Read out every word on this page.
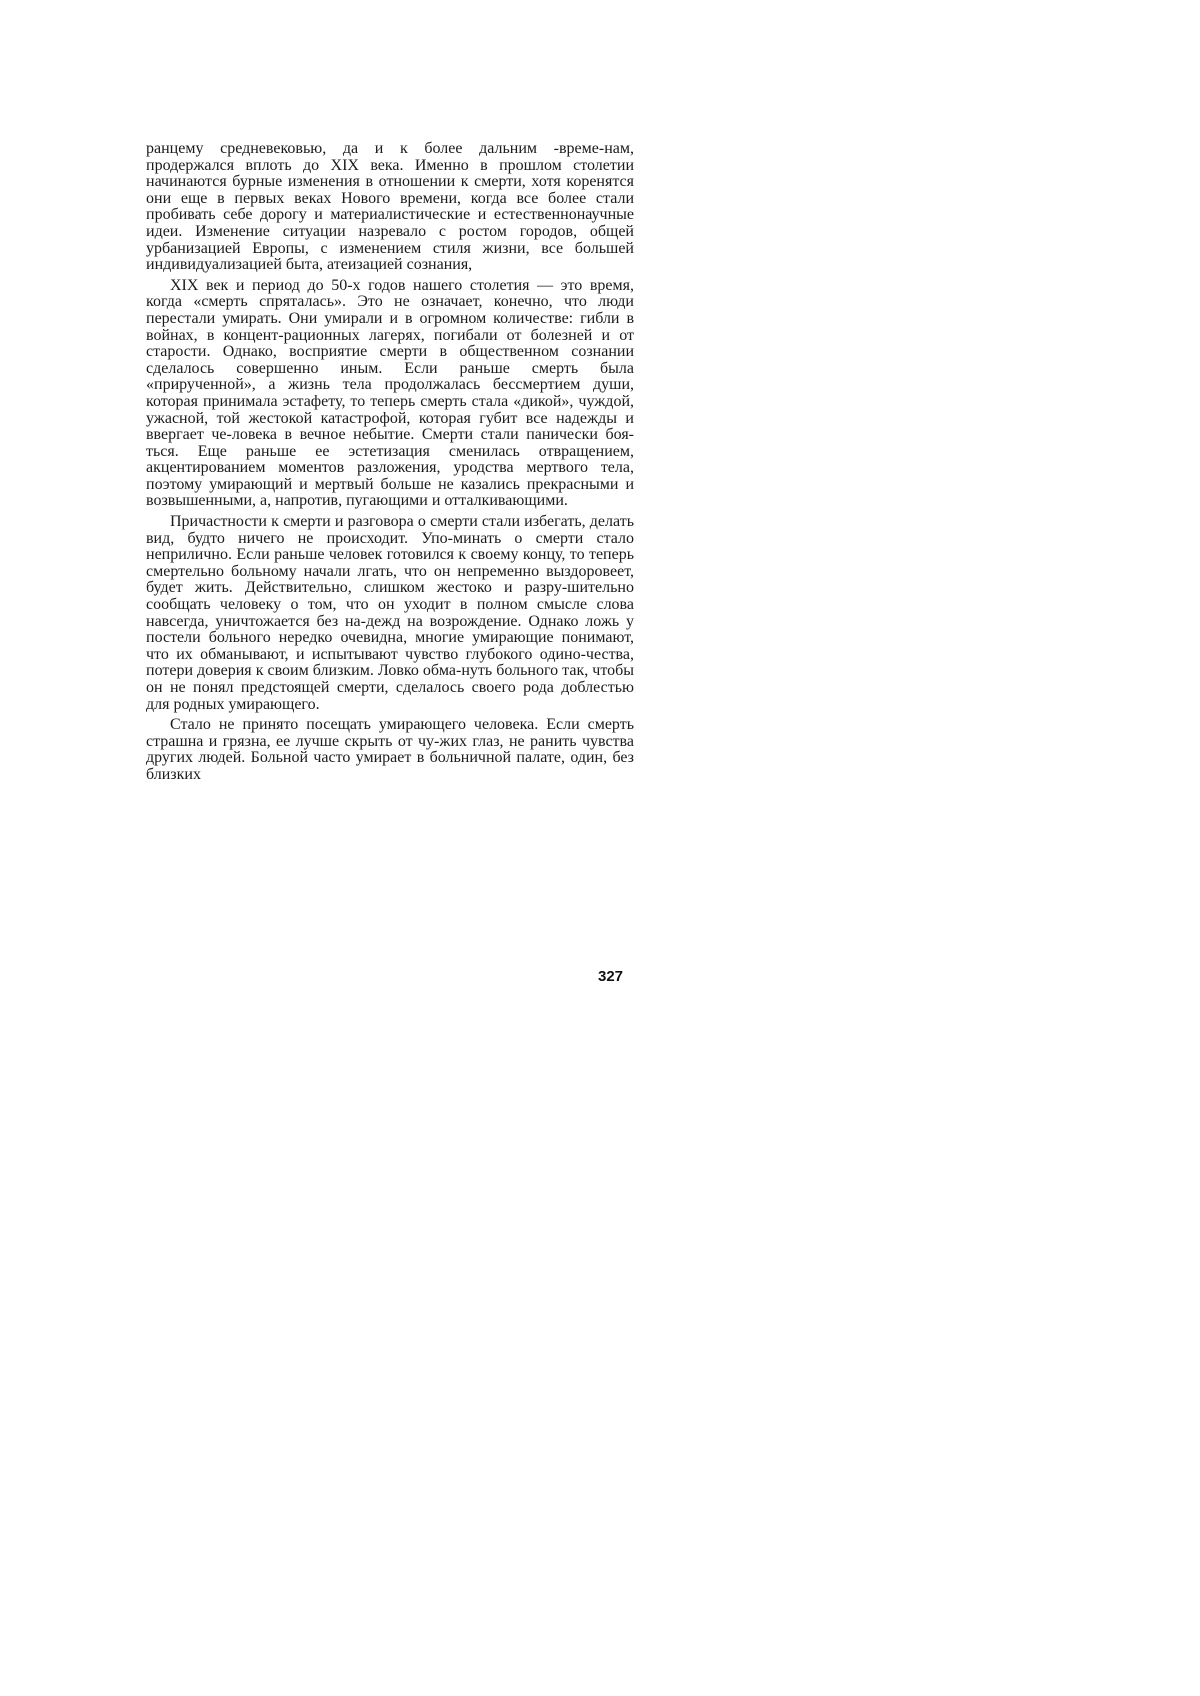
ранцему средневековью, да и к более дальним -време-нам, продержался вплоть до XIX века. Именно в прошлом столетии начинаются бурные изменения в отношении к смерти, хотя коренятся они еще в первых веках Нового времени, когда все более стали пробивать себе дорогу и материалистические и естественнонаучные идеи. Изменение ситуации назревало с ростом городов, общей урбанизацией Европы, с изменением стиля жизни, все большей индивидуализацией быта, атеизацией сознания,

XIX век и период до 50-х годов нашего столетия — это время, когда «смерть спряталась». Это не означает, конечно, что люди перестали умирать. Они умирали и в огромном количестве: гибли в войнах, в концент-рационных лагерях, погибали от болезней и от старости. Однако, восприятие смерти в общественном сознании сделалось совершенно иным. Если раньше смерть была «прирученной», а жизнь тела продолжалась бессмертием души, которая принимала эстафету, то теперь смерть стала «дикой», чуждой, ужасной, той жестокой катастрофой, которая губит все надежды и ввергает че-ловека в вечное небытие. Смерти стали панически боя-ться. Еще раньше ее эстетизация сменилась отвращением, акцентированием моментов разложения, уродства мертвого тела, поэтому умирающий и мертвый больше не казались прекрасными и возвышенными, а, напротив, пугающими и отталкивающими.

Причастности к смерти и разговора о смерти стали избегать, делать вид, будто ничего не происходит. Упо-минать о смерти стало неприлично. Если раньше человек готовился к своему концу, то теперь смертельно больному начали лгать, что он непременно выздоровеет, будет жить. Действительно, слишком жестоко и разру-шительно сообщать человеку о том, что он уходит в полном смысле слова навсегда, уничтожается без на-дежд на возрождение. Однако ложь у постели больного нередко очевидна, многие умирающие понимают, что их обманывают, и испытывают чувство глубокого одино-чества, потери доверия к своим близким. Ловко обма-нуть больного так, чтобы он не понял предстоящей смерти, сделалось своего рода доблестью для родных умирающего.

Стало не принято посещать умирающего человека. Если смерть страшна и грязна, ее лучше скрыть от чу-жих глаз, не ранить чувства других людей. Больной часто умирает в больничной палате, один, без близких

327
